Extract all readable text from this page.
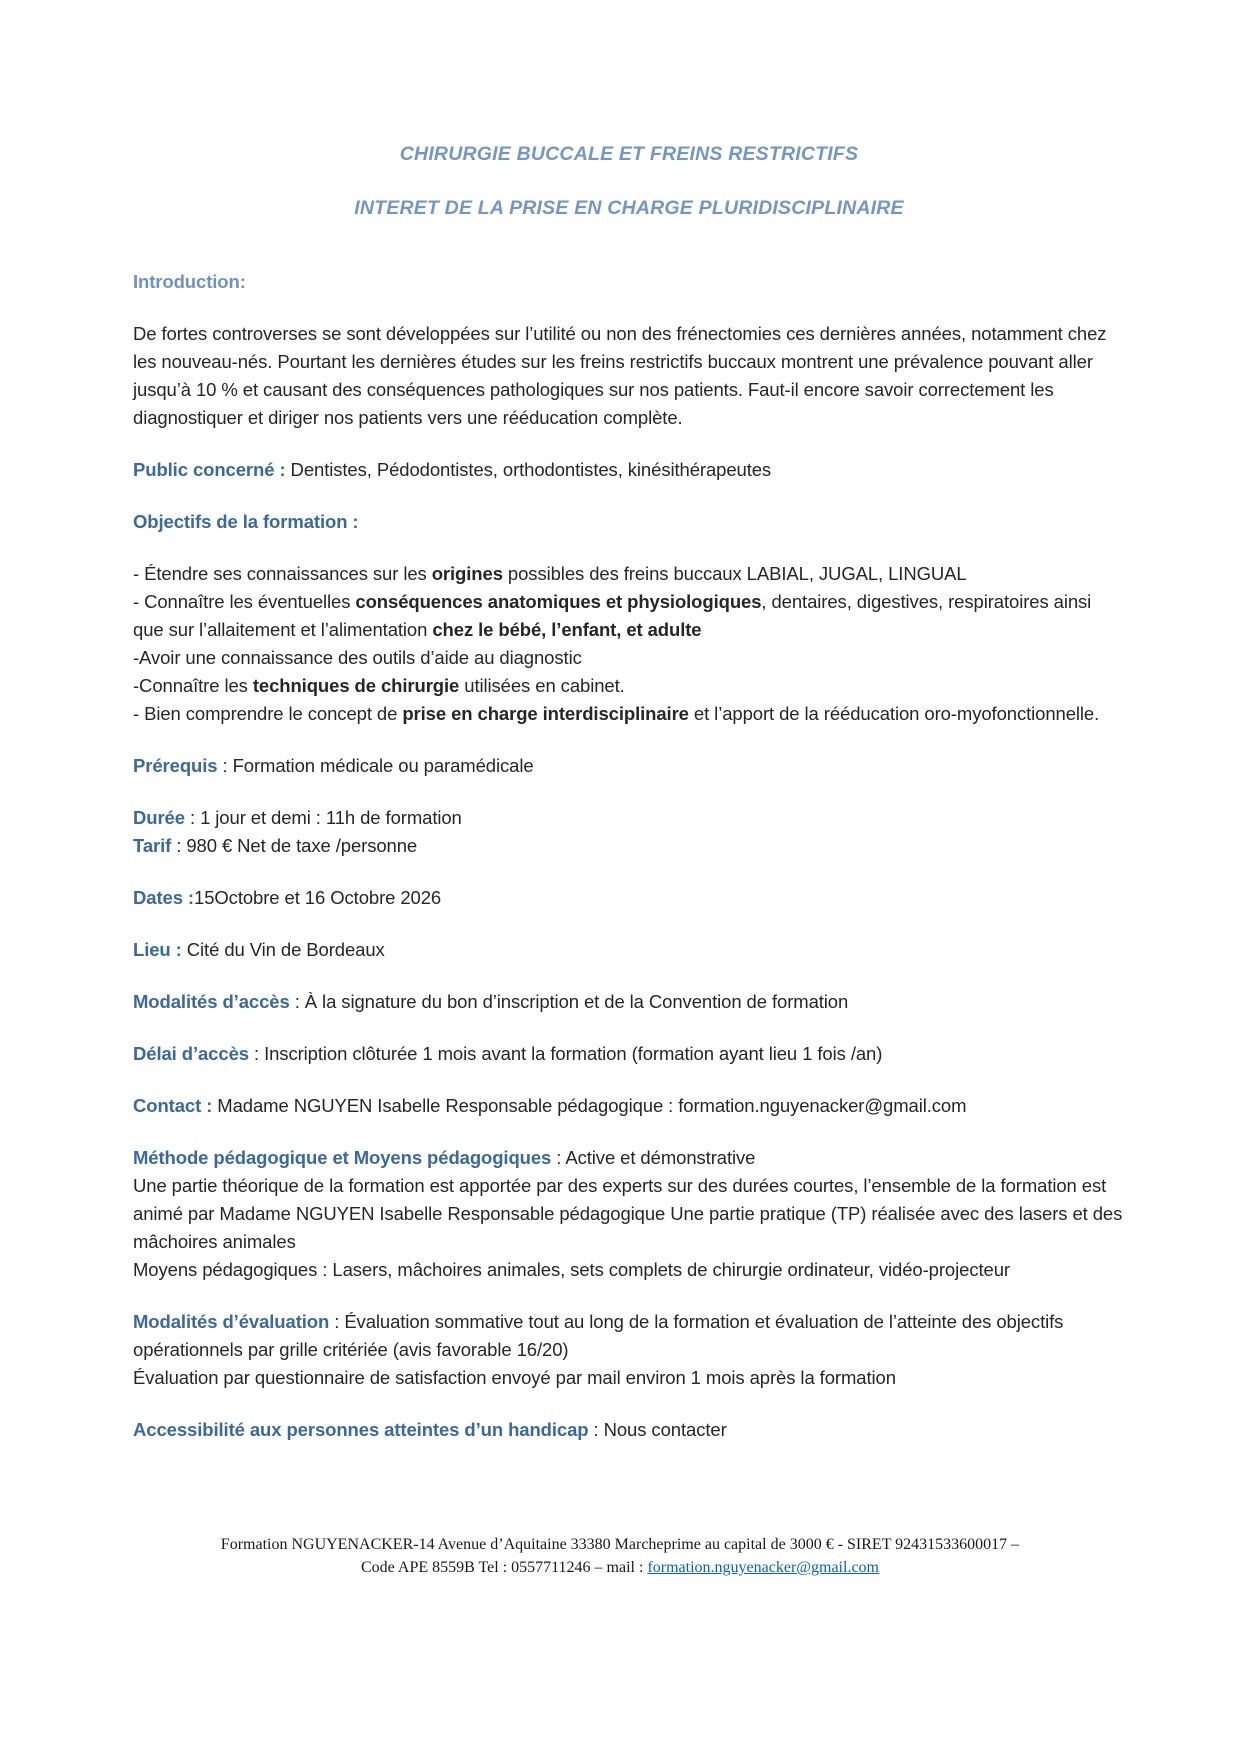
CHIRURGIE BUCCALE ET FREINS RESTRICTIFS
INTERET DE LA PRISE EN CHARGE PLURIDISCIPLINAIRE
Introduction:
De fortes controverses se sont développées sur l’utilité ou non des frénectomies ces dernières années, notamment chez les nouveau-nés. Pourtant les dernières études sur les freins restrictifs buccaux montrent une prévalence pouvant aller jusqu’à 10 % et causant des conséquences pathologiques sur nos patients. Faut-il encore savoir correctement les diagnostiquer et diriger nos patients vers une rééducation complète.
Public concerné : Dentistes, Pédodontistes, orthodontistes, kinésithérapeutes
Objectifs de la formation :
- Étendre ses connaissances sur les origines possibles des freins buccaux LABIAL, JUGAL, LINGUAL
- Connaître les éventuelles conséquences anatomiques et physiologiques, dentaires, digestives, respiratoires ainsi que sur l’allaitement et l’alimentation chez le bébé, l’enfant, et adulte
-Avoir une connaissance des outils d’aide au diagnostic
-Connaître les techniques de chirurgie utilisées en cabinet.
- Bien comprendre le concept de prise en charge interdisciplinaire et l’apport de la rééducation oro-myofonctionnelle.
Prérequis : Formation médicale ou paramédicale
Durée : 1 jour et demi : 11h de formation
Tarif : 980 € Net de taxe /personne
Dates :15Octobre et 16 Octobre 2026
Lieu : Cité du Vin de Bordeaux
Modalités d’accès : À la signature du bon d’inscription et de la Convention de formation
Délai d’accès : Inscription clôturée 1 mois avant la formation (formation ayant lieu 1 fois /an)
Contact : Madame NGUYEN Isabelle Responsable pédagogique : formation.nguyenacker@gmail.com
Méthode pédagogique et Moyens pédagogiques : Active et démonstrative
Une partie théorique de la formation est apportée par des experts sur des durées courtes, l’ensemble de la formation est animé par Madame NGUYEN Isabelle Responsable pédagogique Une partie pratique (TP) réalisée avec des lasers et des mâchoires animales
Moyens pédagogiques : Lasers, mâchoires animales, sets complets de chirurgie ordinateur, vidéo-projecteur
Modalités d’évaluation : Évaluation sommative tout au long de la formation et évaluation de l’atteinte des objectifs opérationnels par grille critériée (avis favorable 16/20)
Évaluation par questionnaire de satisfaction envoyé par mail environ 1 mois après la formation
Accessibilité aux personnes atteintes d’un handicap : Nous contacter
Formation NGUYENACKER-14 Avenue d’Aquitaine 33380 Marcheprime au capital de 3000 € - SIRET 92431533600017 –
Code APE 8559B Tel : 0557711246 – mail : formation.nguyenacker@gmail.com
